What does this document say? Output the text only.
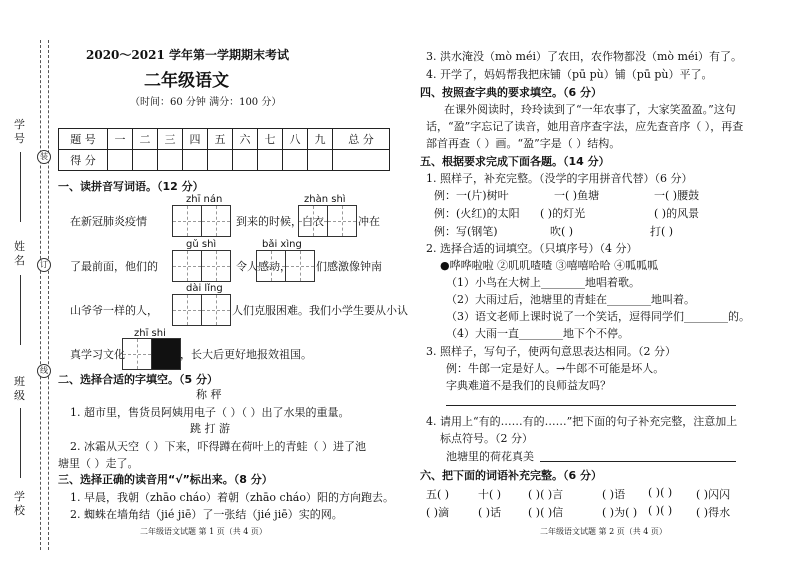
学号
姓名
班级
学校
装
订
线
2020～2021 学年第一学期期末考试
二年级语文
（时间：60 分钟 满分：100 分）
题 号	一	二	三	四	五	六	七	八	九	总 分
得 分										
一、读拼音写词语。（12 分）
zhī nán	zhàn shì
在新冠肺炎疫情	到来的时候，白衣	冲在
gǔ shì	bǎi xìng
了最前面，他们的	令人感动， 们感激像钟南
dài lǐng
山爷爷一样的人，	人们克服困难。我们小学生要从小认
zhī shi
真学习文化	，长大后更好地报效祖国。
二、选择合适的字填空。（5 分）
称 秤
1. 超市里，售货员阿姨用电子（ ）（ ）出了水果的重量。
跳 打 游
2. 冰霜从天空（ ）下来，吓得蹲在荷叶上的青蛙（ ）进了池
塘里（ ）走了。
三、选择正确的读音用“√”标出来。（8 分）
1. 早晨，我朝（zhāo cháo）着朝（zhāo cháo）阳的方向跑去。
2. 蜘蛛在墙角结（jié jiē）了一张结（jié jiē）实的网。
二年级语文试题 第 1 页（共 4 页）
3. 洪水淹没（mò méi）了农田，农作物都没（mò méi）有了。
4. 开学了，妈妈帮我把床铺（pū pù）铺（pū pù）平了。
四、按照查字典的要求填空。（6 分）
在课外阅读时，玲玲读到了“一年农事了，大家笑盈盈。”这句
话，“盈”字忘记了读音，她用音序查字法，应先查音序（ ），再查
部首再查（ ）画。“盈”字是（ ）结构。
五、根据要求完成下面各题。（14 分）
1. 照样子，补充完整。（没学的字用拼音代替）（6 分）
例：一(片)树叶	一( )鱼塘	一( )腰鼓
例：(火红)的太阳 ( )的灯光	( )的风景
例：写(钢笔)	吹( )	打( )
2. 选择合适的词填空。（只填序号）（4 分）
●哗哗啦啦 ②叽叽喳喳 ③嘻嘻哈哈 ④呱呱呱
（1）小鸟在大树上________地唱着歌。
（2）大雨过后，池塘里的青蛙在________地叫着。
（3）语文老师上课时说了一个笑话，逗得同学们________的。
（4）大雨一直________地下个不停。
3. 照样子，写句子，使两句意思表达相同。（2 分）
例：牛郎一定是好人。→牛郎不可能是坏人。
字典难道不是我们的良师益友吗？
4. 请用上“有的……有的……”把下面的句子补充完整，注意加上
标点符号。（2 分）
池塘里的荷花真美
六、把下面的词语补充完整。（6 分）
五( )	十( ) ( )( )言	( )语 ( )( ) ( )闪闪
( )滴	( )话 ( )( )信	( )为( ) ( )( ) ( )得水
二年级语文试题 第 2 页（共 4 页）
